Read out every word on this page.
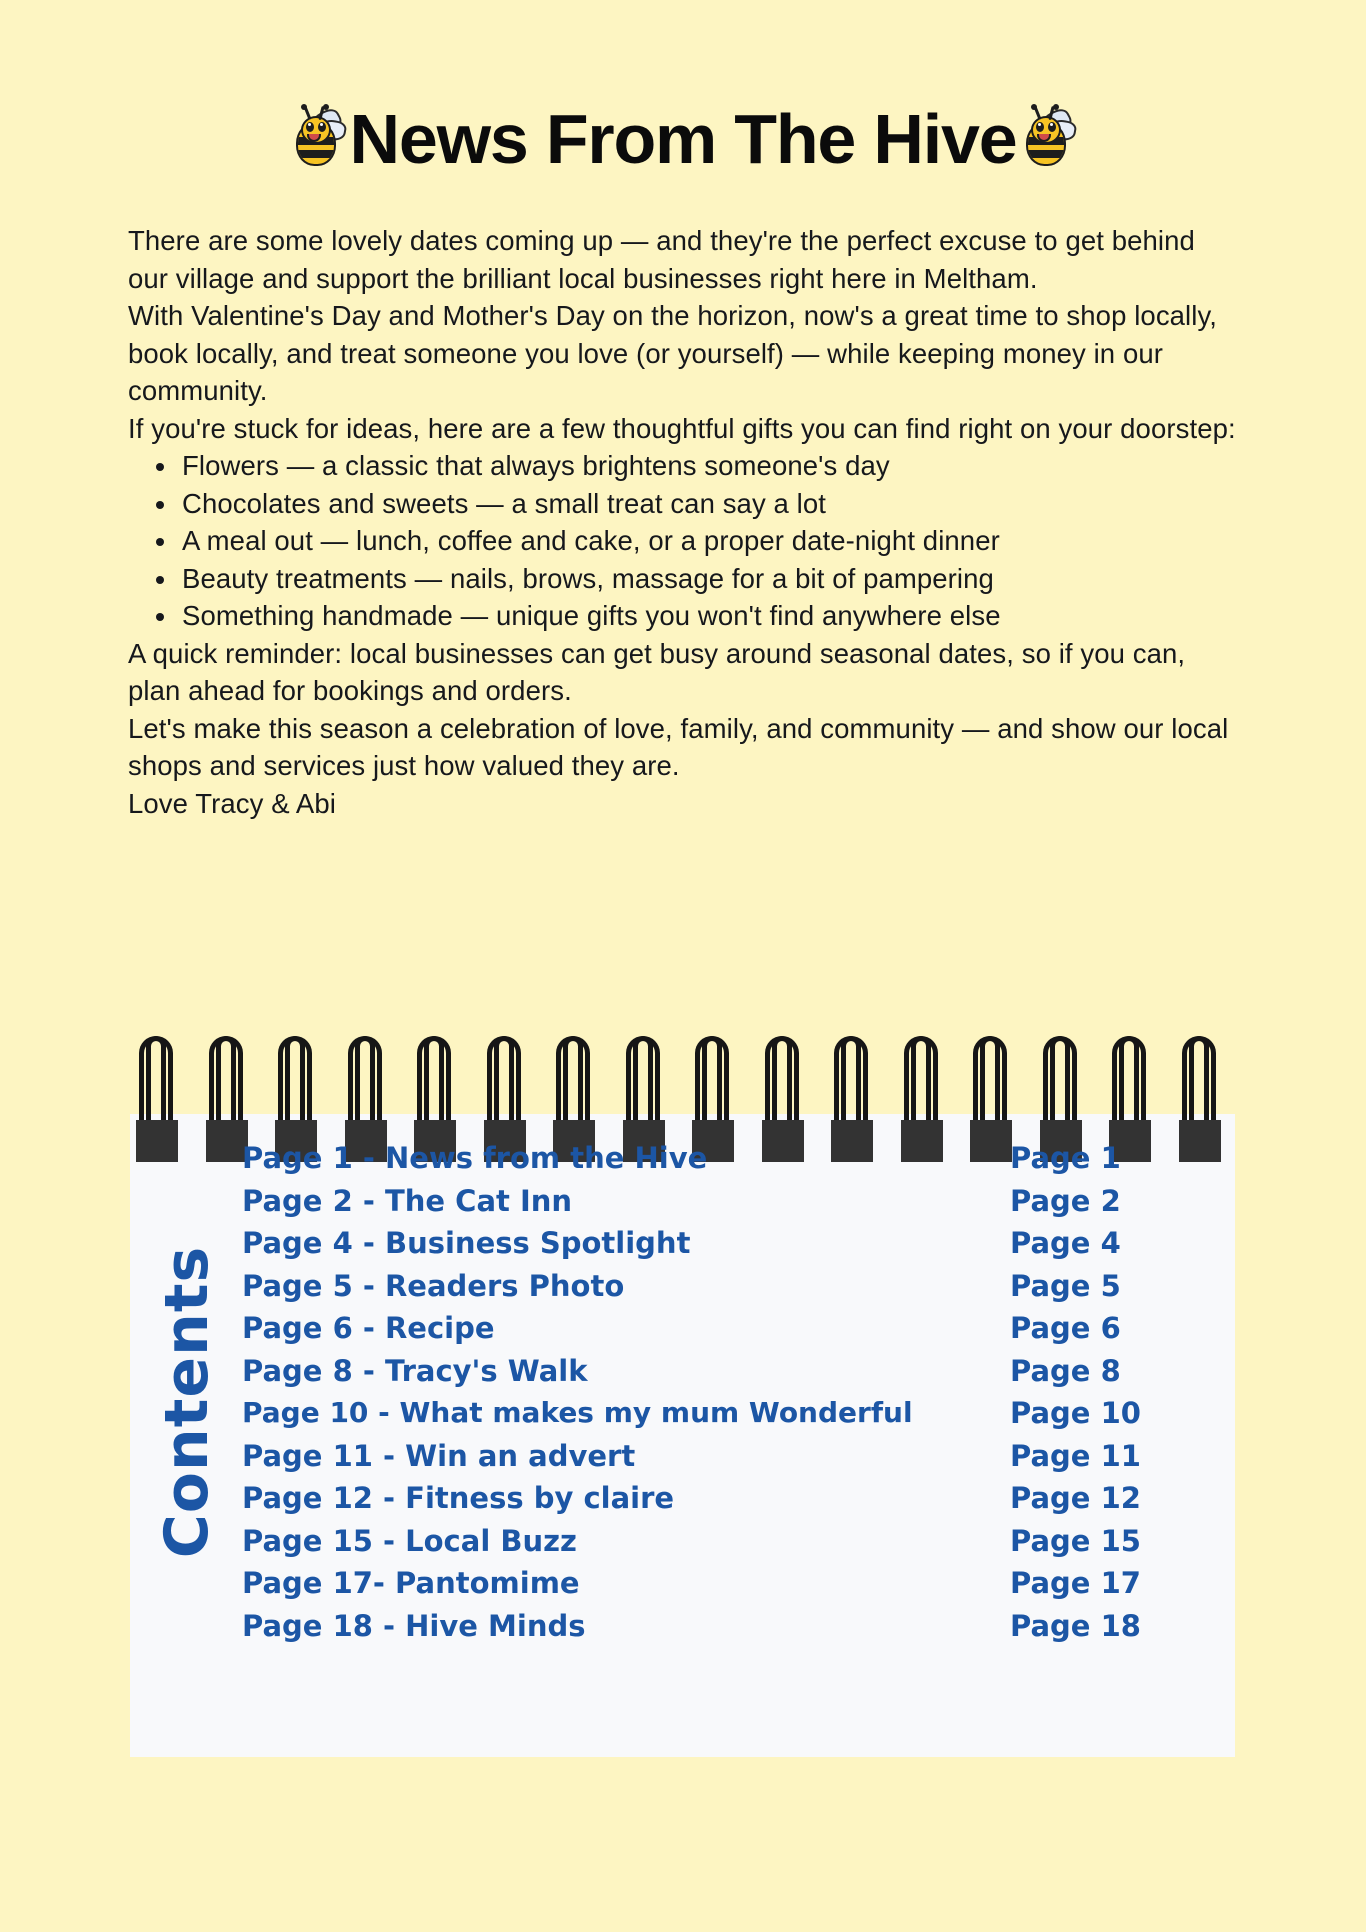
News From The Hive

There are some lovely dates coming up — and they're the perfect excuse to get behind our village and support the brilliant local businesses right here in Meltham.

With Valentine's Day and Mother's Day on the horizon, now's a great time to shop locally, book locally, and treat someone you love (or yourself) — while keeping money in our community.

If you're stuck for ideas, here are a few thoughtful gifts you can find right on your doorstep:

Flowers — a classic that always brightens someone's day
Chocolates and sweets — a small treat can say a lot
A meal out — lunch, coffee and cake, or a proper date-night dinner
Beauty treatments — nails, brows, massage for a bit of pampering
Something handmade — unique gifts you won't find anywhere else

A quick reminder: local businesses can get busy around seasonal dates, so if you can, plan ahead for bookings and orders.

Let's make this season a celebration of love, family, and community — and show our local shops and services just how valued they are.

Love Tracy & Abi

Contents
Page 1 - News from the Hive
Page 2 - The Cat Inn
Page 4 - Business Spotlight
Page 5 - Readers Photo
Page 6 - Recipe
Page 8 - Tracy's Walk
Page 10 - What makes my mum Wonderful
Page 11 - Win an advert
Page 12 - Fitness by claire
Page 15 - Local Buzz
Page 17- Pantomime
Page 18 - Hive Minds
Page 1
Page 2
Page 4
Page 5
Page 6
Page 8
Page 10
Page 11
Page 12
Page 15
Page 17
Page 18
